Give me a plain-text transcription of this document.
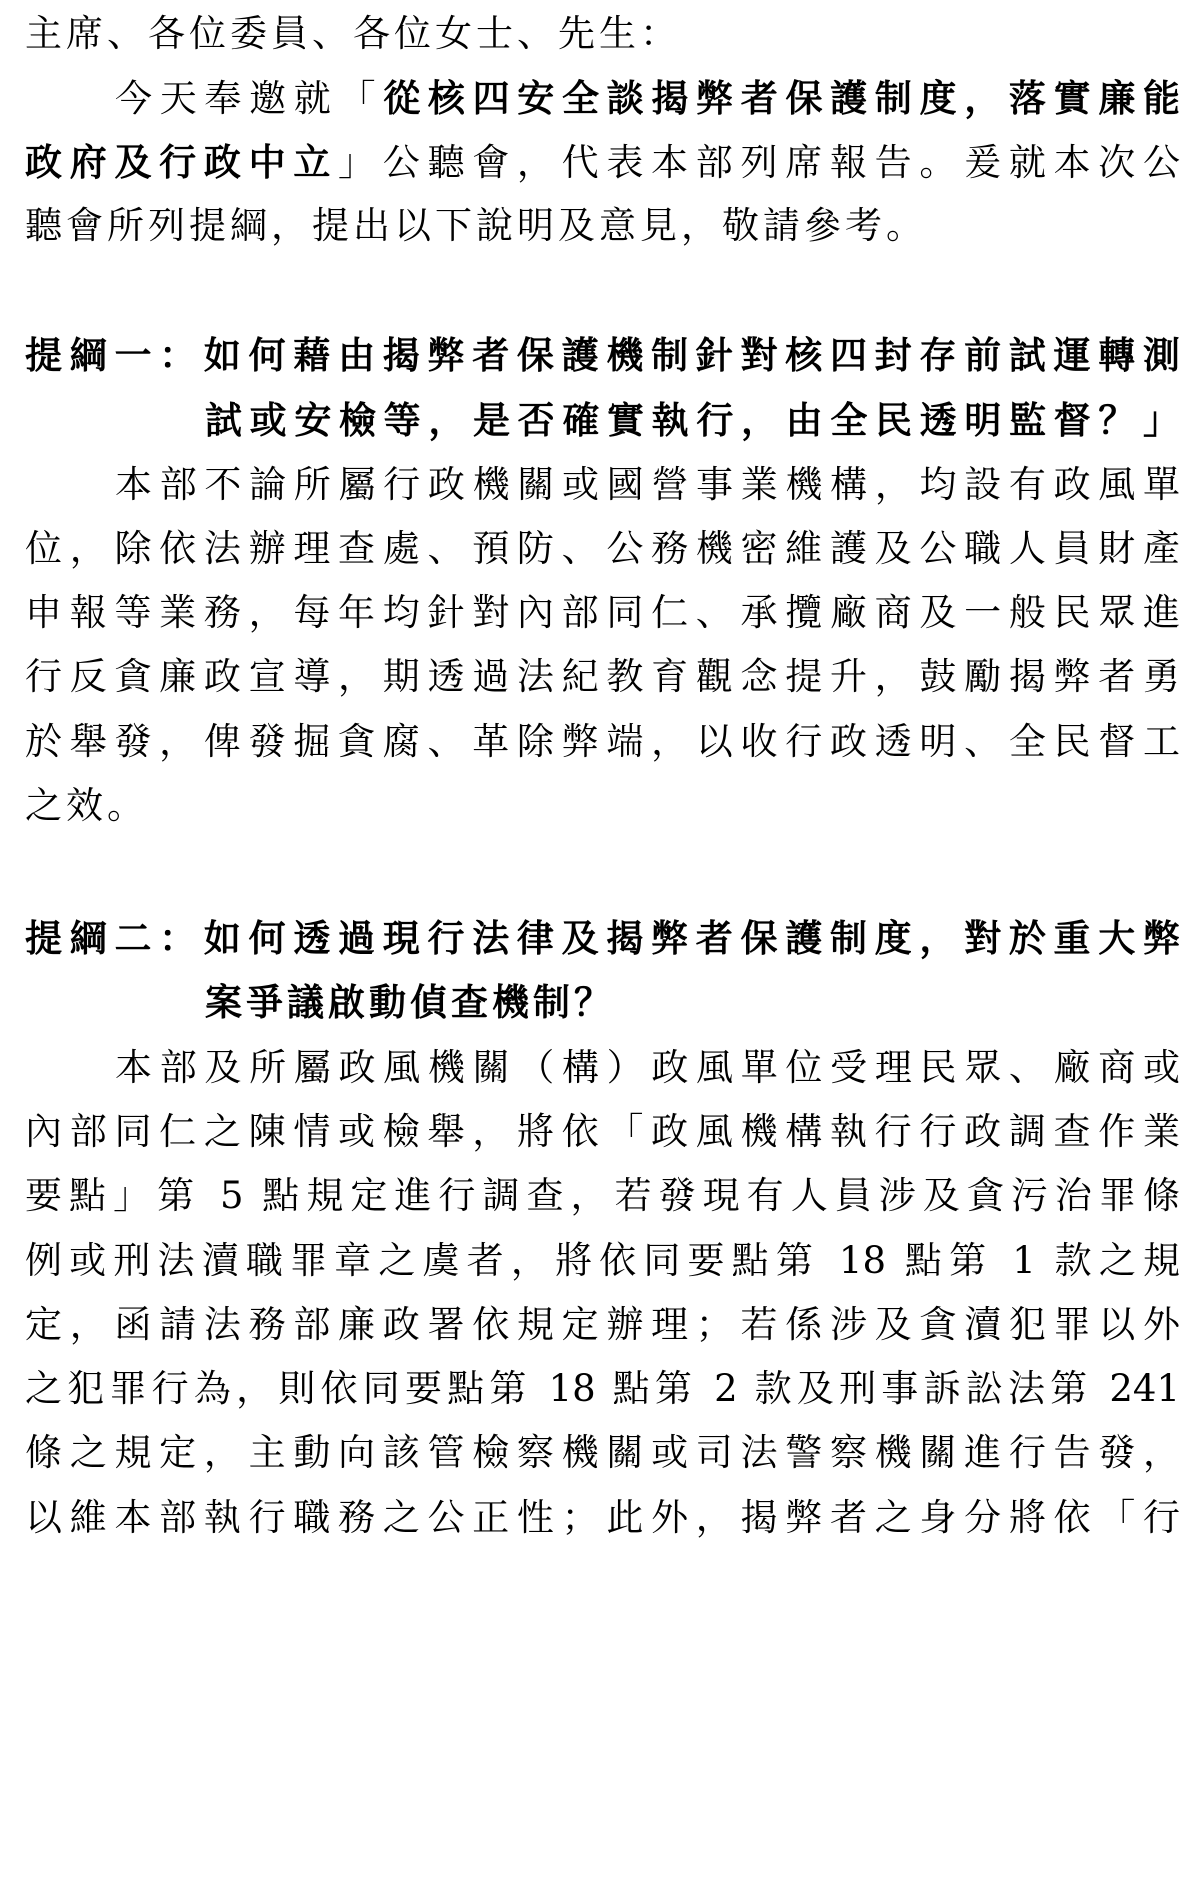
主席、各位委員、各位女士、先生：
今天奉邀就「從核四安全談揭弊者保護制度，落實廉能
政府及行政中立」公聽會，代表本部列席報告。爰就本次公
聽會所列提綱，提出以下說明及意見，敬請參考。
提綱一：如何藉由揭弊者保護機制針對核四封存前試運轉測
試或安檢等，是否確實執行，由全民透明監督？」
本部不論所屬行政機關或國營事業機構，均設有政風單
位，除依法辦理查處、預防、公務機密維護及公職人員財產
申報等業務，每年均針對內部同仁、承攬廠商及一般民眾進
行反貪廉政宣導，期透過法紀教育觀念提升，鼓勵揭弊者勇
於舉發，俾發掘貪腐、革除弊端，以收行政透明、全民督工
之效。
提綱二：如何透過現行法律及揭弊者保護制度，對於重大弊
案爭議啟動偵查機制？
本部及所屬政風機關（構）政風單位受理民眾、廠商或
內部同仁之陳情或檢舉，將依「政風機構執行行政調查作業
要點」第 5 點規定進行調查，若發現有人員涉及貪污治罪條
例或刑法瀆職罪章之虞者，將依同要點第 18 點第 1 款之規
定，函請法務部廉政署依規定辦理；若係涉及貪瀆犯罪以外
之犯罪行為，則依同要點第 18 點第 2 款及刑事訴訟法第 241
條之規定，主動向該管檢察機關或司法警察機關進行告發，
以維本部執行職務之公正性；此外，揭弊者之身分將依「行
